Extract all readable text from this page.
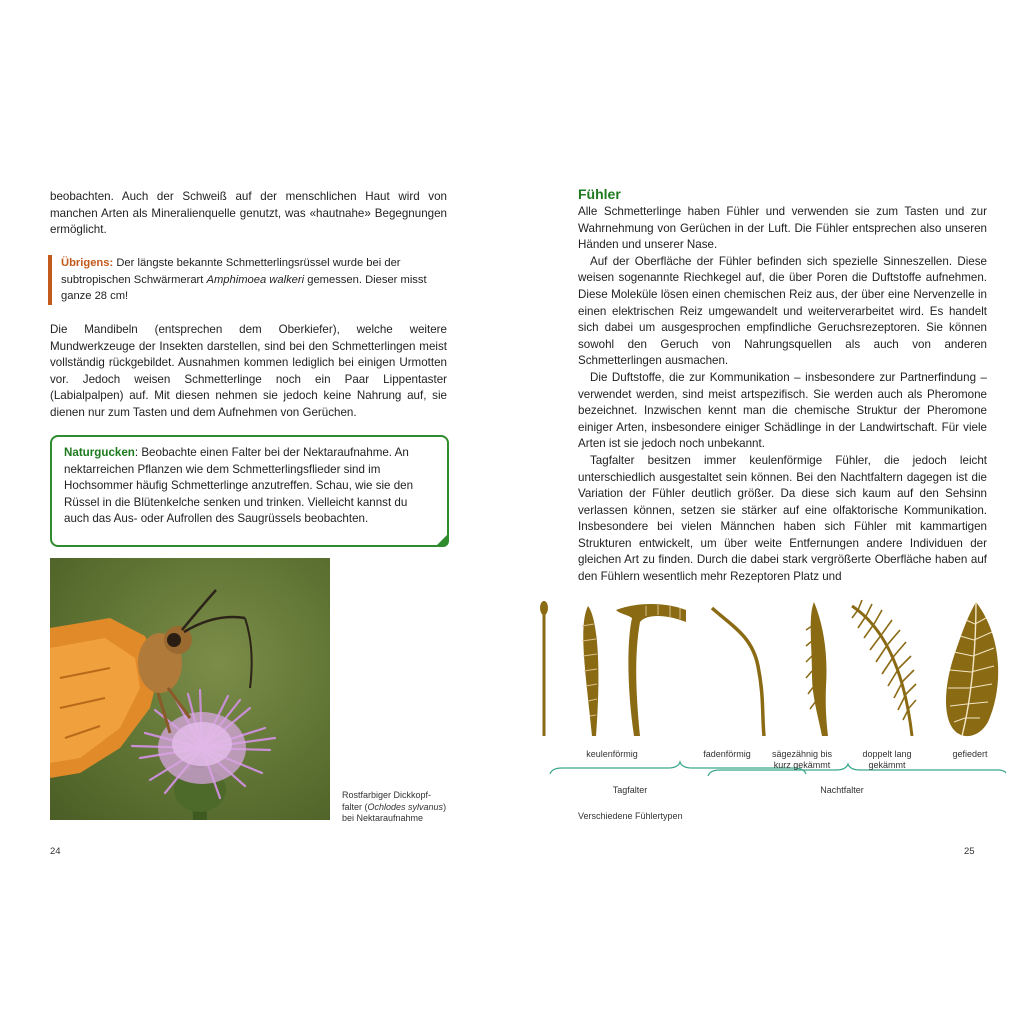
beobachten. Auch der Schweiß auf der menschlichen Haut wird von manchen Arten als Mineralienquelle genutzt, was «hautnahe» Begegnungen ermöglicht.

Übrigens: Der längste bekannte Schmetterlingsrüssel wurde bei der subtropischen Schwärmerart Amphimoea walkeri gemessen. Dieser misst ganze 28 cm!

Die Mandibeln (entsprechen dem Oberkiefer), welche weitere Mundwerkzeuge der Insekten darstellen, sind bei den Schmetterlingen meist vollständig rückgebildet. Ausnahmen kommen lediglich bei einigen Urmotten vor. Jedoch weisen Schmetterlinge noch ein Paar Lippentaster (Labialpalpen) auf. Mit diesen nehmen sie jedoch keine Nahrung auf, sie dienen nur zum Tasten und dem Aufnehmen von Gerüchen.

Naturgucken: Beobachte einen Falter bei der Nektaraufnahme. An nektarreichen Pflanzen wie dem Schmetterlingsflieder sind im Hochsommer häufig Schmetterlinge anzutreffen. Schau, wie sie den Rüssel in die Blütenkelche senken und trinken. Vielleicht kannst du auch das Aus- oder Aufrollen des Saugrüssels beobachten.
Rostfarbiger Dickkopf-
falter (Ochlodes sylvanus)
bei Nektaraufnahme
24
Fühler

Alle Schmetterlinge haben Fühler und verwenden sie zum Tasten und zur Wahrnehmung von Gerüchen in der Luft. Die Fühler entsprechen also unseren Händen und unserer Nase.

Auf der Oberfläche der Fühler befinden sich spezielle Sinneszellen. Diese weisen sogenannte Riechkegel auf, die über Poren die Duftstoffe aufnehmen. Diese Moleküle lösen einen chemischen Reiz aus, der über eine Nervenzelle in einen elektrischen Reiz umgewandelt und weiterverarbeitet wird. Es handelt sich dabei um ausgesprochen empfindliche Geruchsrezeptoren. Sie können sowohl den Geruch von Nahrungsquellen als auch von anderen Schmetterlingen ausmachen.

Die Duftstoffe, die zur Kommunikation – insbesondere zur Partnerfindung – verwendet werden, sind meist artspezifisch. Sie werden auch als Pheromone bezeichnet. Inzwischen kennt man die chemische Struktur der Pheromone einiger Arten, insbesondere einiger Schädlinge in der Landwirtschaft. Für viele Arten ist sie jedoch noch unbekannt.

Tagfalter besitzen immer keulenförmige Fühler, die jedoch leicht unterschiedlich ausgestaltet sein können. Bei den Nachtfaltern dagegen ist die Variation der Fühler deutlich größer. Da diese sich kaum auf den Sehsinn verlassen können, setzen sie stärker auf eine olfaktorische Kommunikation. Insbesondere bei vielen Männchen haben sich Fühler mit kammartigen Strukturen entwickelt, um über weite Entfernungen andere Individuen der gleichen Art zu finden. Durch die dabei stark vergrößerte Oberfläche haben auf den Fühlern wesentlich mehr Rezeptoren Platz und

keulenförmig	fadenförmig	sägezähnig bis
kurz gekämmt
doppelt lang
gekämmt
gefiedert
Tagfalter	Nachtfalter
Verschiedene Fühlertypen
25
